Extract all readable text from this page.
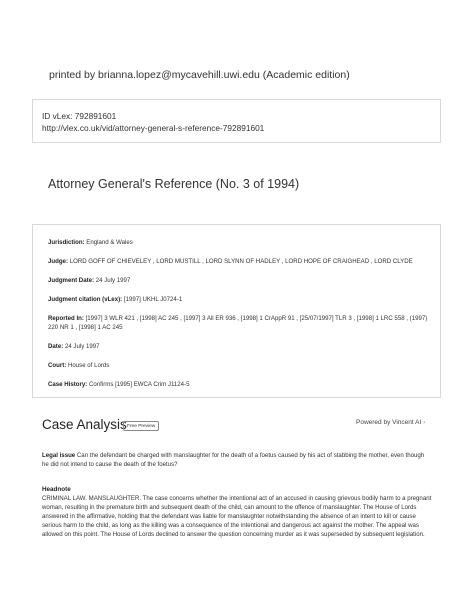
printed by brianna.lopez@mycavehill.uwi.edu (Academic edition)
ID vLex: 792891601
http://vlex.co.uk/vid/attorney-general-s-reference-792891601
Attorney General's Reference (No. 3 of 1994)
Jurisdiction: England & Wales
Judge: LORD GOFF OF CHIEVELEY , LORD MUSTILL , LORD SLYNN OF HADLEY , LORD HOPE OF CRAIGHEAD , LORD CLYDE
Judgment Date: 24 July 1997
Judgment citation (vLex): [1997] UKHL J0724-1
Reported In: [1997] 3 WLR 421 , [1998] AC 245 , [1997] 3 All ER 936 , [1998] 1 CrAppR 91 , [25/07/1997] TLR 3 , [1998] 1 LRC 558 , (1997) 220 NR 1 , [1998] 1 AC 245
Date: 24 July 1997
Court: House of Lords
Case History: Confirms [1995] EWCA Crim J1124-5
Case Analysis Free Preview	Powered by Vincent AI ›
Legal issue Can the defendant be charged with manslaughter for the death of a foetus caused by his act of stabbing the mother, even though he did not intend to cause the death of the foetus?
Headnote
CRIMINAL LAW. MANSLAUGHTER. The case concerns whether the intentional act of an accused in causing grievous bodily harm to a pregnant woman, resulting in the premature birth and subsequent death of the child, can amount to the offence of manslaughter. The House of Lords answered in the affirmative, holding that the defendant was liable for manslaughter notwithstanding the absence of an intent to kill or cause serious harm to the child, as long as the killing was a consequence of the intentional and dangerous act against the mother. The appeal was allowed on this point. The House of Lords declined to answer the question concerning murder as it was superseded by subsequent legislation.
